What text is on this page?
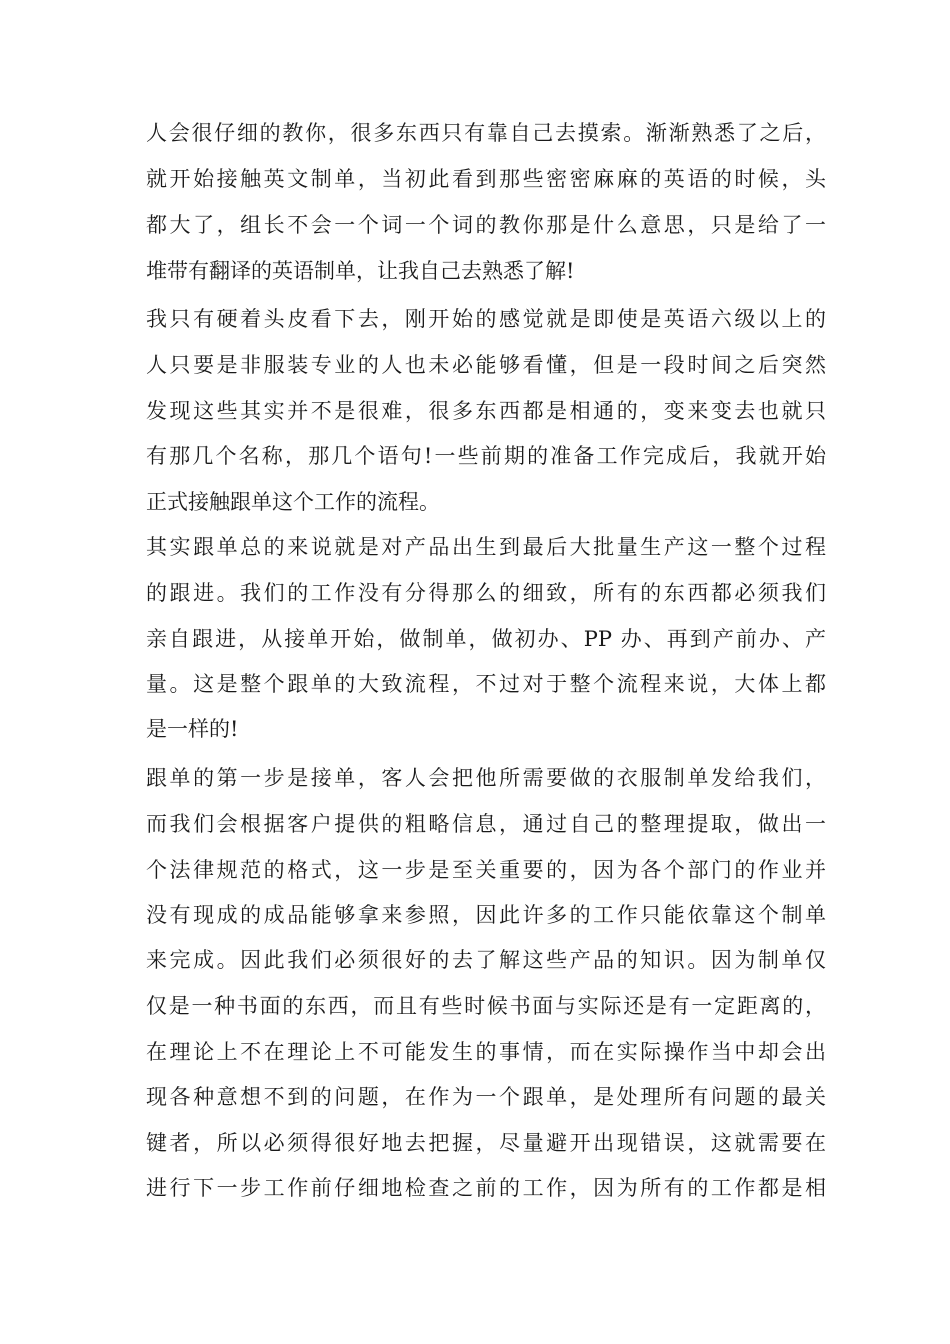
人会很仔细的教你，很多东西只有靠自己去摸索。渐渐熟悉了之后，
就开始接触英文制单，当初此看到那些密密麻麻的英语的时候，头
都大了，组长不会一个词一个词的教你那是什么意思，只是给了一
堆带有翻译的英语制单，让我自己去熟悉了解!
我只有硬着头皮看下去，刚开始的感觉就是即使是英语六级以上的
人只要是非服装专业的人也未必能够看懂，但是一段时间之后突然
发现这些其实并不是很难，很多东西都是相通的，变来变去也就只
有那几个名称，那几个语句!一些前期的准备工作完成后，我就开始
正式接触跟单这个工作的流程。
其实跟单总的来说就是对产品出生到最后大批量生产这一整个过程
的跟进。我们的工作没有分得那么的细致，所有的东西都必须我们
亲自跟进，从接单开始，做制单，做初办、PP 办、再到产前办、产
量。这是整个跟单的大致流程，不过对于整个流程来说，大体上都
是一样的!
跟单的第一步是接单，客人会把他所需要做的衣服制单发给我们，
而我们会根据客户提供的粗略信息，通过自己的整理提取，做出一
个法律规范的格式，这一步是至关重要的，因为各个部门的作业并
没有现成的成品能够拿来参照，因此许多的工作只能依靠这个制单
来完成。因此我们必须很好的去了解这些产品的知识。因为制单仅
仅是一种书面的东西，而且有些时候书面与实际还是有一定距离的，
在理论上不在理论上不可能发生的事情，而在实际操作当中却会出
现各种意想不到的问题，在作为一个跟单，是处理所有问题的最关
键者，所以必须得很好地去把握，尽量避开出现错误，这就需要在
进行下一步工作前仔细地检查之前的工作，因为所有的工作都是相
